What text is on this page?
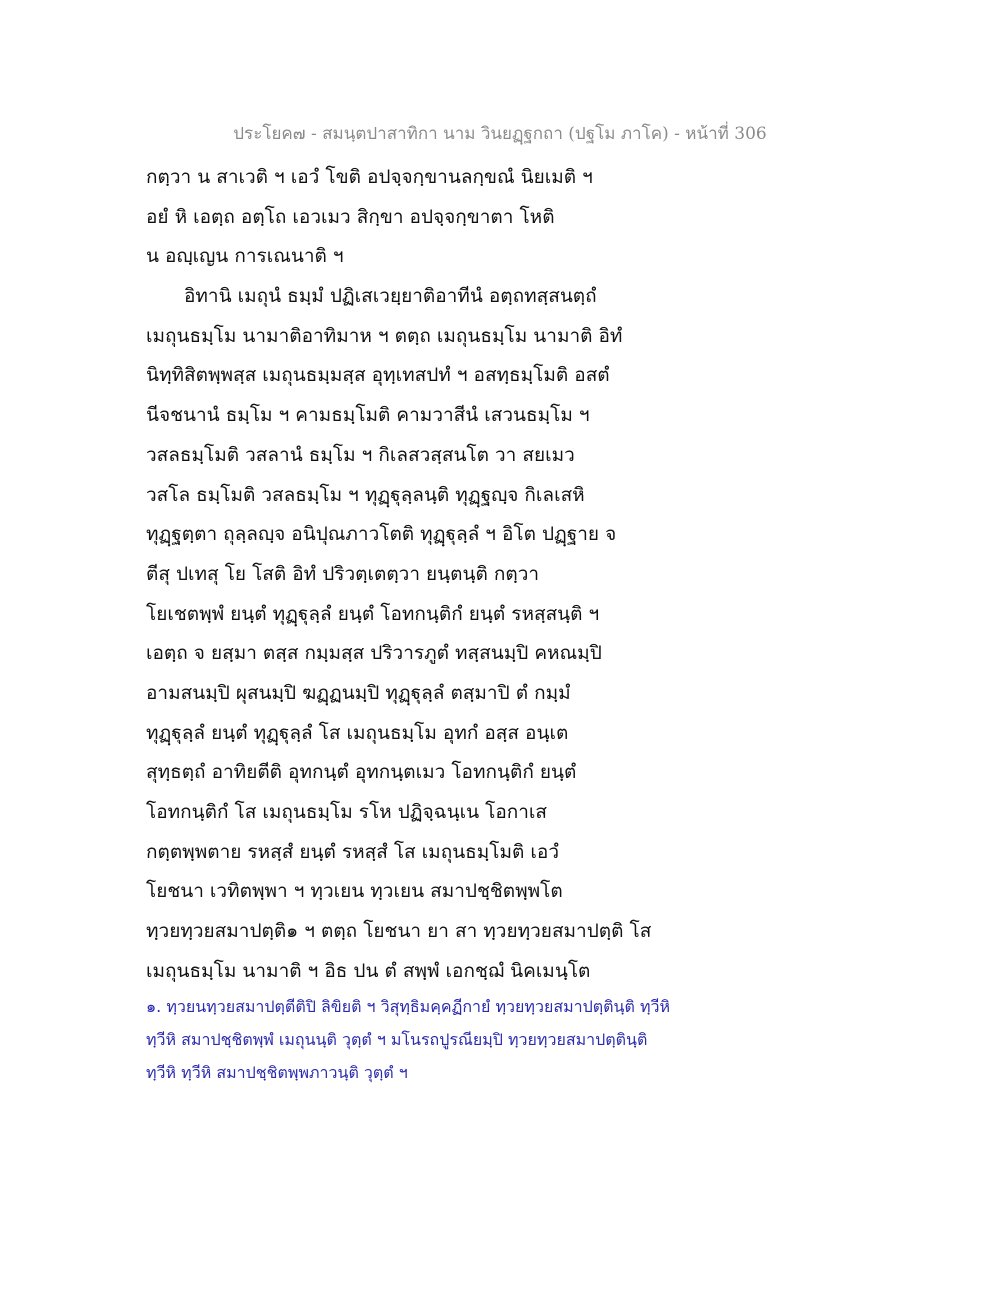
ประโยค๗ - สมนฺตปาสาทิกา นาม วินยฏฺฐกถา (ปฐโม ภาโค) - หน้าที่ 306
กตฺวา น สาเวติ ฯ เอวํ โขติ อปจฺจกฺขานลกฺขณํ นิยเมติ ฯ
อยํ หิ เอตฺถ อตฺโถ เอวเมว สิกฺขา อปจฺจกฺขาตา โหติ
น อญฺเญน การเณนาติ ฯ
อิทานิ เมถุนํ ธมฺมํ ปฏิเสเวยฺยาติอาทีนํ อตฺถทสฺสนตฺถํ
เมถุนธมฺโม นามาติอาทิมาห ฯ ตตฺถ เมถุนธมฺโม นามาติ อิทํ
นิทฺทิสิตพฺพสฺส เมถุนธมฺมสฺส อุทฺเทสปทํ ฯ อสทฺธมฺโมติ อสตํ
นีจชนานํ ธมฺโม ฯ คามธมฺโมติ คามวาสีนํ เสวนธมฺโม ฯ
วสลธมฺโมติ วสลานํ ธมฺโม ฯ กิเลสวสฺสนโต วา สยเมว
วสโล ธมฺโมติ วสลธมฺโม ฯ ทุฏฺฐุลฺลนฺติ ทุฏฺฐญฺจ กิเลเสหิ
ทุฏฺฐตฺตา ถุลฺลญฺจ อนิปุณภาวโตติ ทุฏฺฐุลฺลํ ฯ อิโต ปฏฺฐาย จ
ตีสุ ปเทสุ โย โสติ อิทํ ปริวตฺเตตฺวา ยนฺตนฺติ กตฺวา
โยเชตพฺพํ ยนฺตํ ทุฏฺฐุลฺลํ ยนฺตํ โอทกนฺติกํ ยนฺตํ รหสฺสนฺติ ฯ
เอตฺถ จ ยสฺมา ตสฺส กมฺมสฺส ปริวารภูตํ ทสฺสนมฺปิ คหณมฺปิ
อามสนมฺปิ ผุสนมฺปิ ฆฏฺฏนมฺปิ ทุฏฺฐุลฺลํ ตสฺมาปิ ตํ กมฺมํ
ทุฏฺฐุลฺลํ ยนฺตํ ทุฏฺฐุลฺลํ โส เมถุนธมฺโม อุทกํ อสฺส อนฺเต
สุทฺธตฺถํ อาทิยตีติ อุทกนฺตํ อุทกนฺตเมว โอทกนฺติกํ ยนฺตํ
โอทกนฺติกํ โส เมถุนธมฺโม รโห ปฏิจฺฉนฺเน โอกาเส
กตฺตพฺพตาย รหสฺสํ ยนฺตํ รหสฺสํ โส เมถุนธมฺโมติ เอวํ
โยชนา เวทิตพฺพา ฯ ทฺวเยน ทฺวเยน สมาปชฺชิตพฺพโต
ทฺวยทฺวยสมาปตฺติ๑ ฯ ตตฺถ โยชนา ยา สา ทฺวยทฺวยสมาปตฺติ โส
เมถุนธมฺโม นามาติ ฯ อิธ ปน ตํ สพฺพํ เอกชฺฌํ นิคเมนฺโต
๑. ทฺวยนทฺวยสมาปตฺตีติปิ ลิขิยติ ฯ วิสุทฺธิมคฺคฏีกายํ ทฺวยทฺวยสมาปตฺตินฺติ ทฺวีหิ
ทฺวีหิ สมาปชฺชิตพฺพํ เมถุนนฺติ วุตฺตํ ฯ มโนรถปูรณียมฺปิ ทฺวยทฺวยสมาปตฺตินฺติ
ทฺวีหิ ทฺวีหิ สมาปชฺชิตพฺพภาวนฺติ วุตฺตํ ฯ
